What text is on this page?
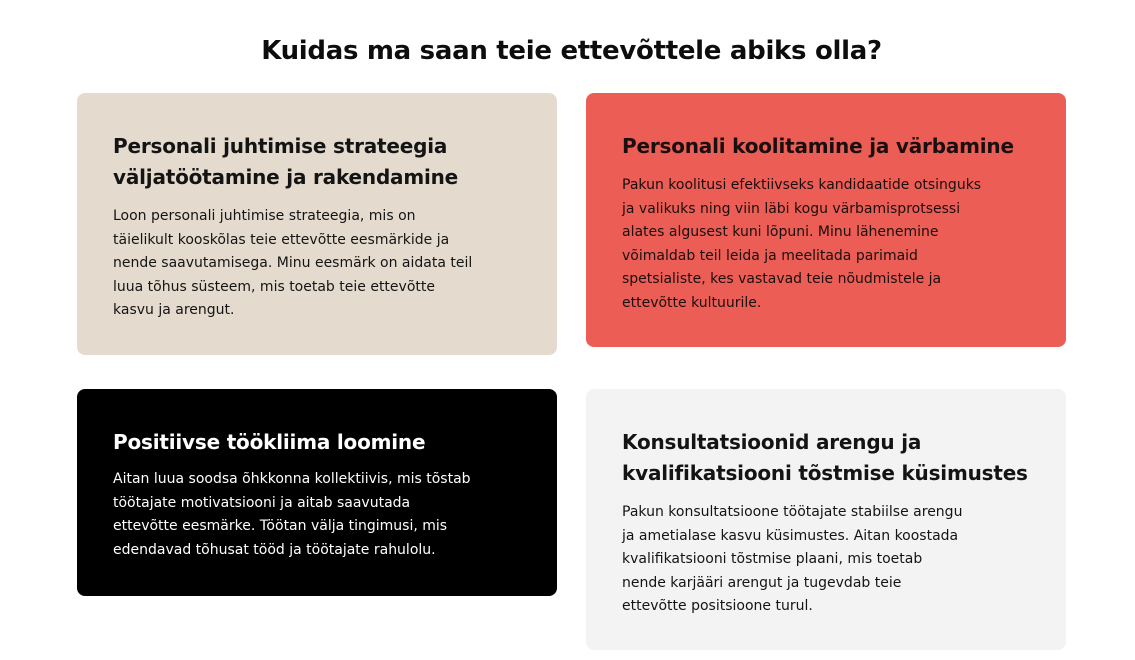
Kuidas ma saan teie ettevõttele abiks olla?
Personali juhtimise strateegia väljatöötamine ja rakendamine

Loon personali juhtimise strateegia, mis on täielikult kooskõlas teie ettevõtte eesmärkide ja nende saavutamisega. Minu eesmärk on aidata teil luua tõhus süsteem, mis toetab teie ettevõtte kasvu ja arengut.

Personali koolitamine ja värbamine

Pakun koolitusi efektiivseks kandidaatide otsinguks ja valikuks ning viin läbi kogu värbamisprotsessi alates algusest kuni lõpuni. Minu lähenemine võimaldab teil leida ja meelitada parimaid spetsialiste, kes vastavad teie nõudmistele ja ettevõtte kultuurile.

Positiivse töökliima loomine

Aitan luua soodsa õhkkonna kollektiivis, mis tõstab töötajate motivatsiooni ja aitab saavutada ettevõtte eesmärke. Töötan välja tingimusi, mis edendavad tõhusat tööd ja töötajate rahulolu.

Konsultatsioonid arengu ja kvalifikatsiooni tõstmise küsimustes

Pakun konsultatsioone töötajate stabiilse arengu ja ametialase kasvu küsimustes. Aitan koostada kvalifikatsiooni tõstmise plaani, mis toetab nende karjääri arengut ja tugevdab teie ettevõtte positsioone turul.
